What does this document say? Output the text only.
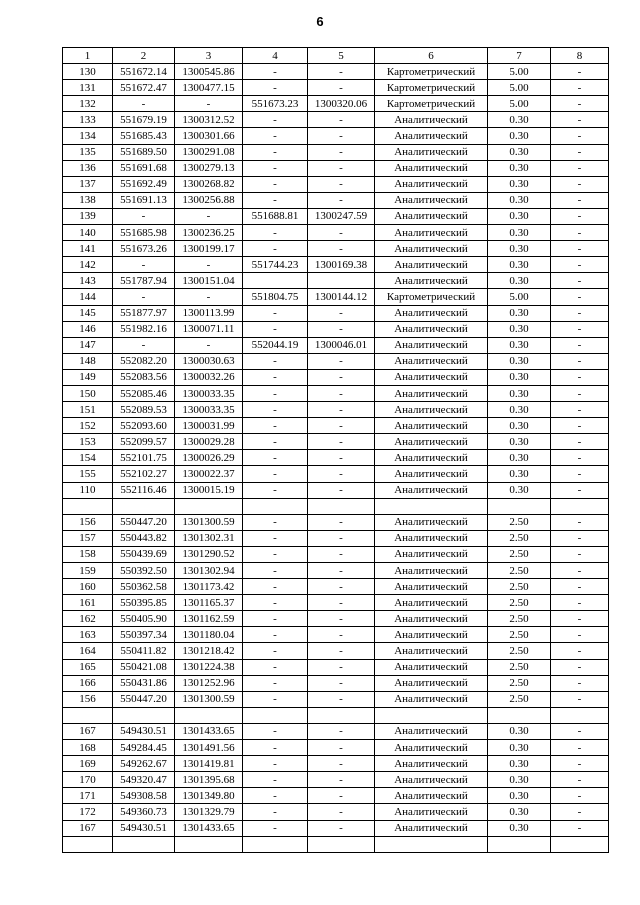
6
1	2	3	4	5	6	7	8
130	551672.14	1300545.86	-	-	Картометрический	5.00	-
131	551672.47	1300477.15	-	-	Картометрический	5.00	-
132	-	-	551673.23	1300320.06	Картометрический	5.00	-
133	551679.19	1300312.52	-	-	Аналитический	0.30	-
134	551685.43	1300301.66	-	-	Аналитический	0.30	-
135	551689.50	1300291.08	-	-	Аналитический	0.30	-
136	551691.68	1300279.13	-	-	Аналитический	0.30	-
137	551692.49	1300268.82	-	-	Аналитический	0.30	-
138	551691.13	1300256.88	-	-	Аналитический	0.30	-
139	-	-	551688.81	1300247.59	Аналитический	0.30	-
140	551685.98	1300236.25	-	-	Аналитический	0.30	-
141	551673.26	1300199.17	-	-	Аналитический	0.30	-
142	-	-	551744.23	1300169.38	Аналитический	0.30	-
143	551787.94	1300151.04			Аналитический	0.30	-
144	-	-	551804.75	1300144.12	Картометрический	5.00	-
145	551877.97	1300113.99	-	-	Аналитический	0.30	-
146	551982.16	1300071.11	-	-	Аналитический	0.30	-
147	-	-	552044.19	1300046.01	Аналитический	0.30	-
148	552082.20	1300030.63	-	-	Аналитический	0.30	-
149	552083.56	1300032.26	-	-	Аналитический	0.30	-
150	552085.46	1300033.35	-	-	Аналитический	0.30	-
151	552089.53	1300033.35	-	-	Аналитический	0.30	-
152	552093.60	1300031.99	-	-	Аналитический	0.30	-
153	552099.57	1300029.28	-	-	Аналитический	0.30	-
154	552101.75	1300026.29	-	-	Аналитический	0.30	-
155	552102.27	1300022.37	-	-	Аналитический	0.30	-
110	552116.46	1300015.19	-	-	Аналитический	0.30	-

156	550447.20	1301300.59	-	-	Аналитический	2.50	-
157	550443.82	1301302.31	-	-	Аналитический	2.50	-
158	550439.69	1301290.52	-	-	Аналитический	2.50	-
159	550392.50	1301302.94	-	-	Аналитический	2.50	-
160	550362.58	1301173.42	-	-	Аналитический	2.50	-
161	550395.85	1301165.37	-	-	Аналитический	2.50	-
162	550405.90	1301162.59	-	-	Аналитический	2.50	-
163	550397.34	1301180.04	-	-	Аналитический	2.50	-
164	550411.82	1301218.42	-	-	Аналитический	2.50	-
165	550421.08	1301224.38	-	-	Аналитический	2.50	-
166	550431.86	1301252.96	-	-	Аналитический	2.50	-
156	550447.20	1301300.59	-	-	Аналитический	2.50	-

167	549430.51	1301433.65	-	-	Аналитический	0.30	-
168	549284.45	1301491.56	-	-	Аналитический	0.30	-
169	549262.67	1301419.81	-	-	Аналитический	0.30	-
170	549320.47	1301395.68	-	-	Аналитический	0.30	-
171	549308.58	1301349.80	-	-	Аналитический	0.30	-
172	549360.73	1301329.79	-	-	Аналитический	0.30	-
167	549430.51	1301433.65	-	-	Аналитический	0.30	-
